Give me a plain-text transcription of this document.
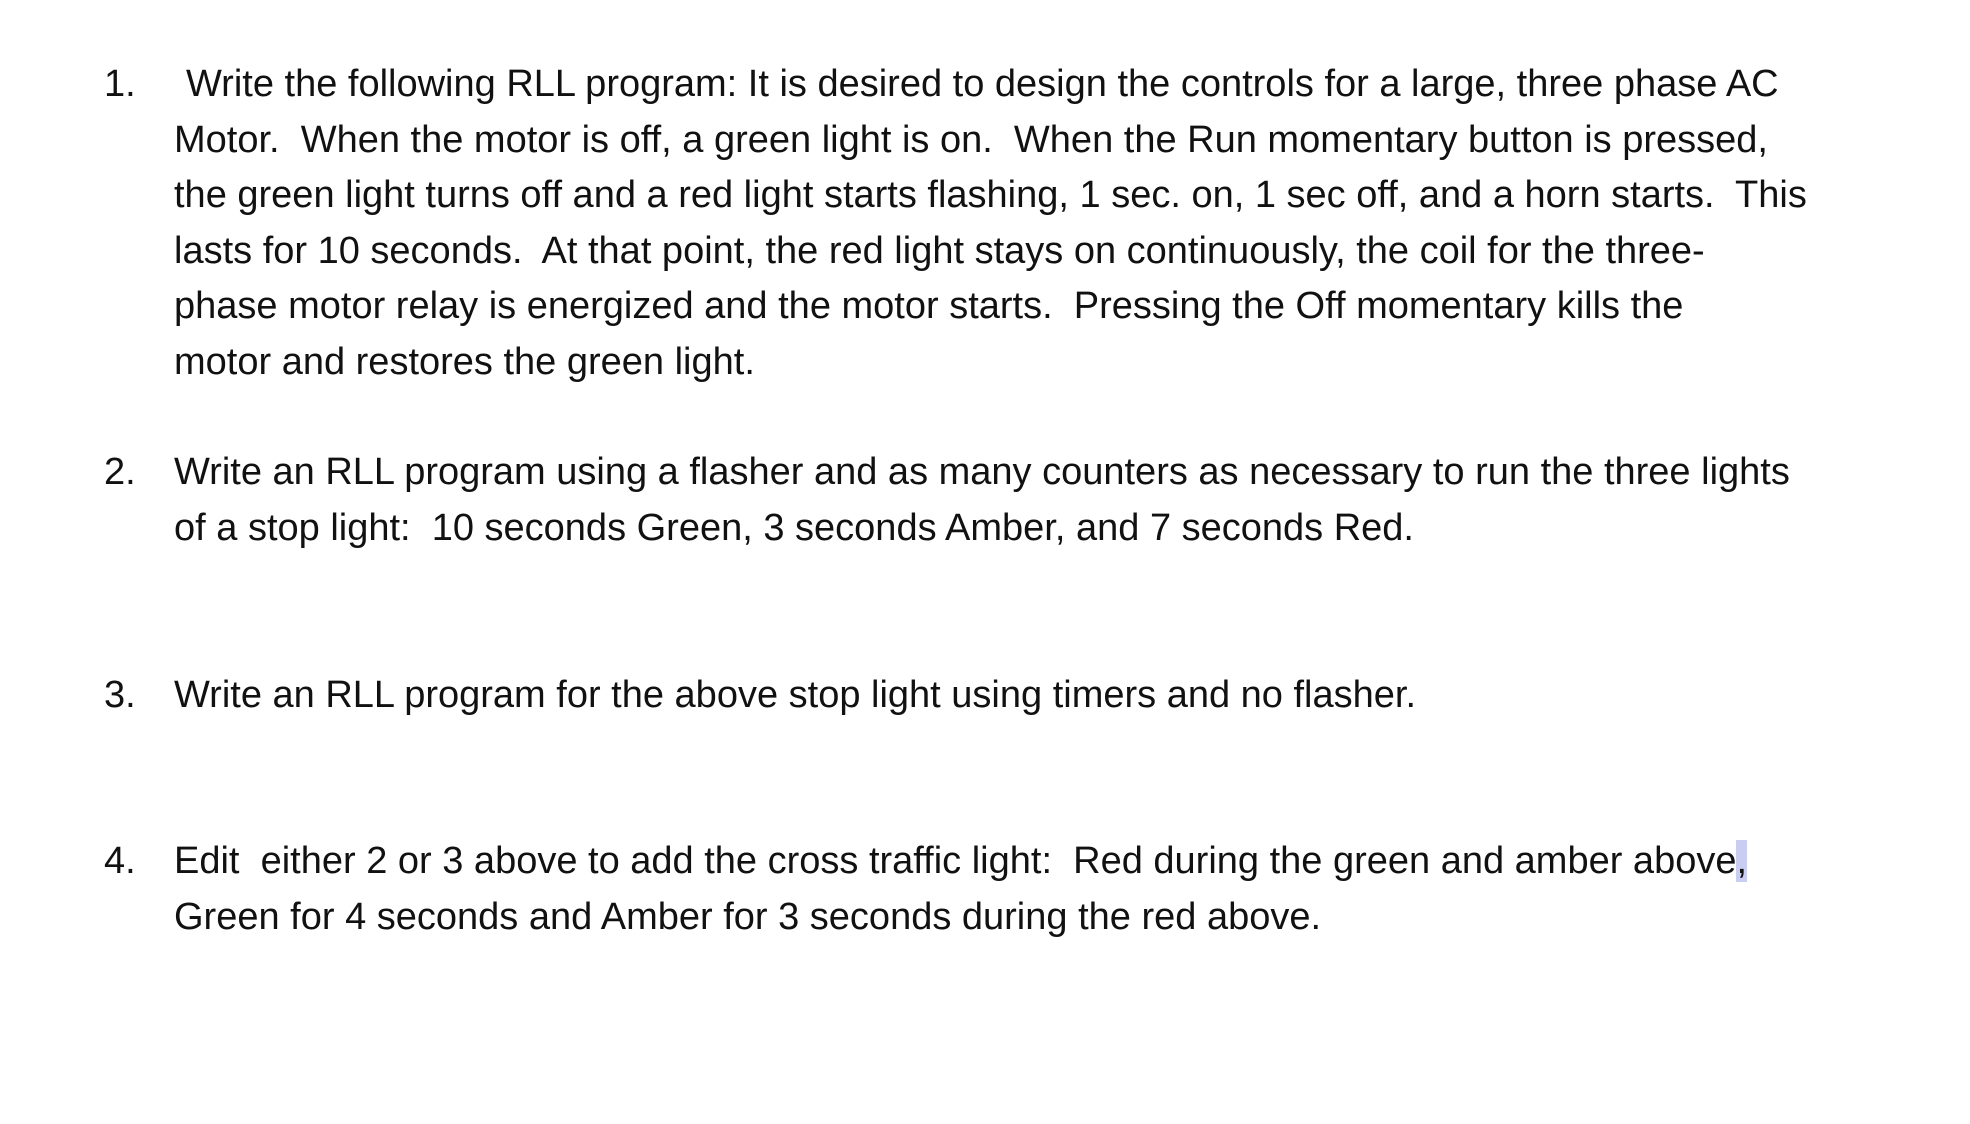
1.	Write the following RLL program: It is desired to design the controls for a large, three phase AC
Motor.  When the motor is off, a green light is on.  When the Run momentary button is pressed,
the green light turns off and a red light starts flashing, 1 sec. on, 1 sec off, and a horn starts.  This
lasts for 10 seconds.  At that point, the red light stays on continuously, the coil for the three-
phase motor relay is energized and the motor starts.  Pressing the Off momentary kills the
motor and restores the green light.
2.	Write an RLL program using a flasher and as many counters as necessary to run the three lights
of a stop light:  10 seconds Green, 3 seconds Amber, and 7 seconds Red.
3.	Write an RLL program for the above stop light using timers and no flasher.
4.	Edit  either 2 or 3 above to add the cross traffic light:  Red during the green and amber above,
Green for 4 seconds and Amber for 3 seconds during the red above.
